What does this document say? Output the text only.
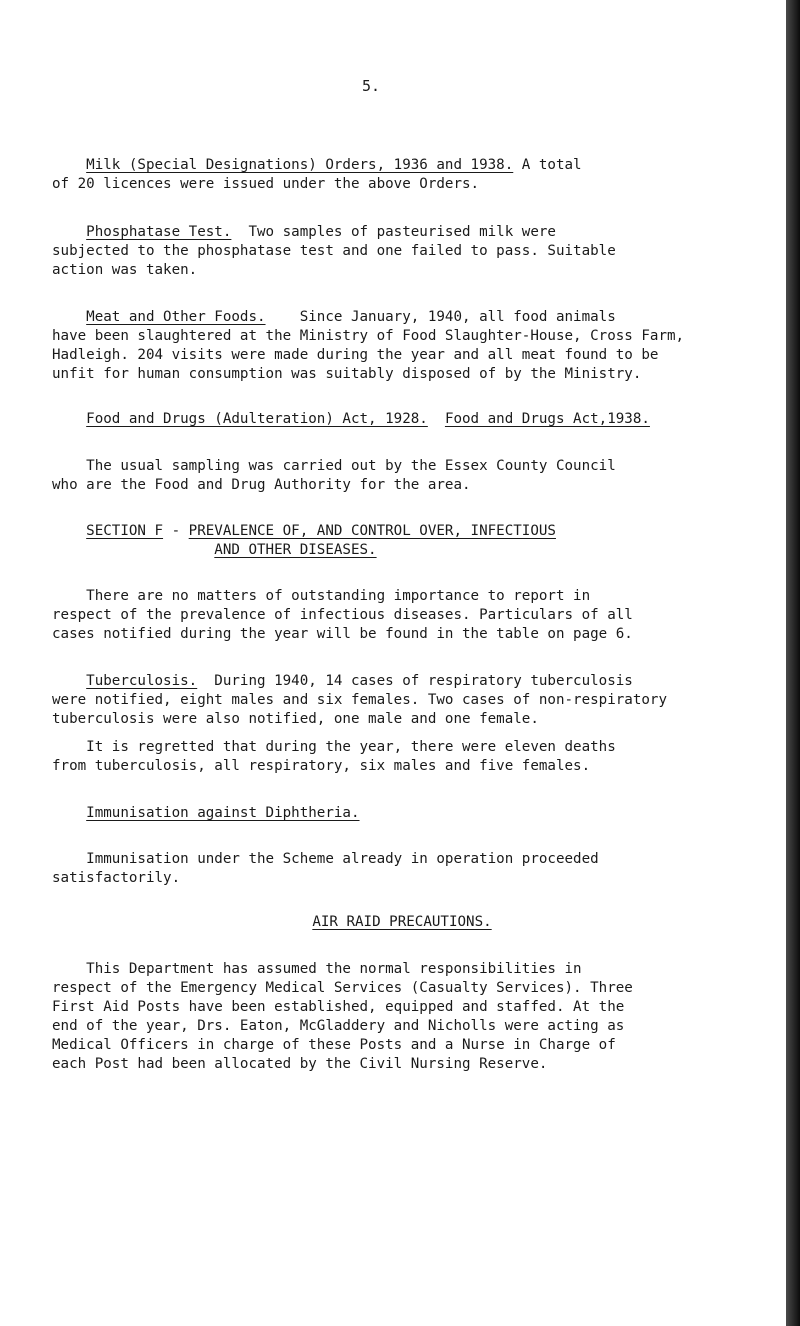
5.
Milk (Special Designations) Orders, 1936 and 1938. A total
of 20 licences were issued under the above Orders.
Phosphatase Test.  Two samples of pasteurised milk were
subjected to the phosphatase test and one failed to pass. Suitable
action was taken.
Meat and Other Foods.    Since January, 1940, all food animals
have been slaughtered at the Ministry of Food Slaughter-House, Cross Farm,
Hadleigh. 204 visits were made during the year and all meat found to be
unfit for human consumption was suitably disposed of by the Ministry.
Food and Drugs (Adulteration) Act, 1928. Food and Drugs Act,1938.
The usual sampling was carried out by the Essex County Council
who are the Food and Drug Authority for the area.
SECTION F - PREVALENCE OF, AND CONTROL OVER, INFECTIOUS
AND OTHER DISEASES.
There are no matters of outstanding importance to report in
respect of the prevalence of infectious diseases. Particulars of all
cases notified during the year will be found in the table on page 6.
Tuberculosis.  During 1940, 14 cases of respiratory tuberculosis
were notified, eight males and six females. Two cases of non-respiratory
tuberculosis were also notified, one male and one female.
It is regretted that during the year, there were eleven deaths
from tuberculosis, all respiratory, six males and five females.
Immunisation against Diphtheria.
Immunisation under the Scheme already in operation proceeded
satisfactorily.
AIR RAID PRECAUTIONS.
This Department has assumed the normal responsibilities in
respect of the Emergency Medical Services (Casualty Services). Three
First Aid Posts have been established, equipped and staffed. At the
end of the year, Drs. Eaton, McGladdery and Nicholls were acting as
Medical Officers in charge of these Posts and a Nurse in Charge of
each Post had been allocated by the Civil Nursing Reserve.
